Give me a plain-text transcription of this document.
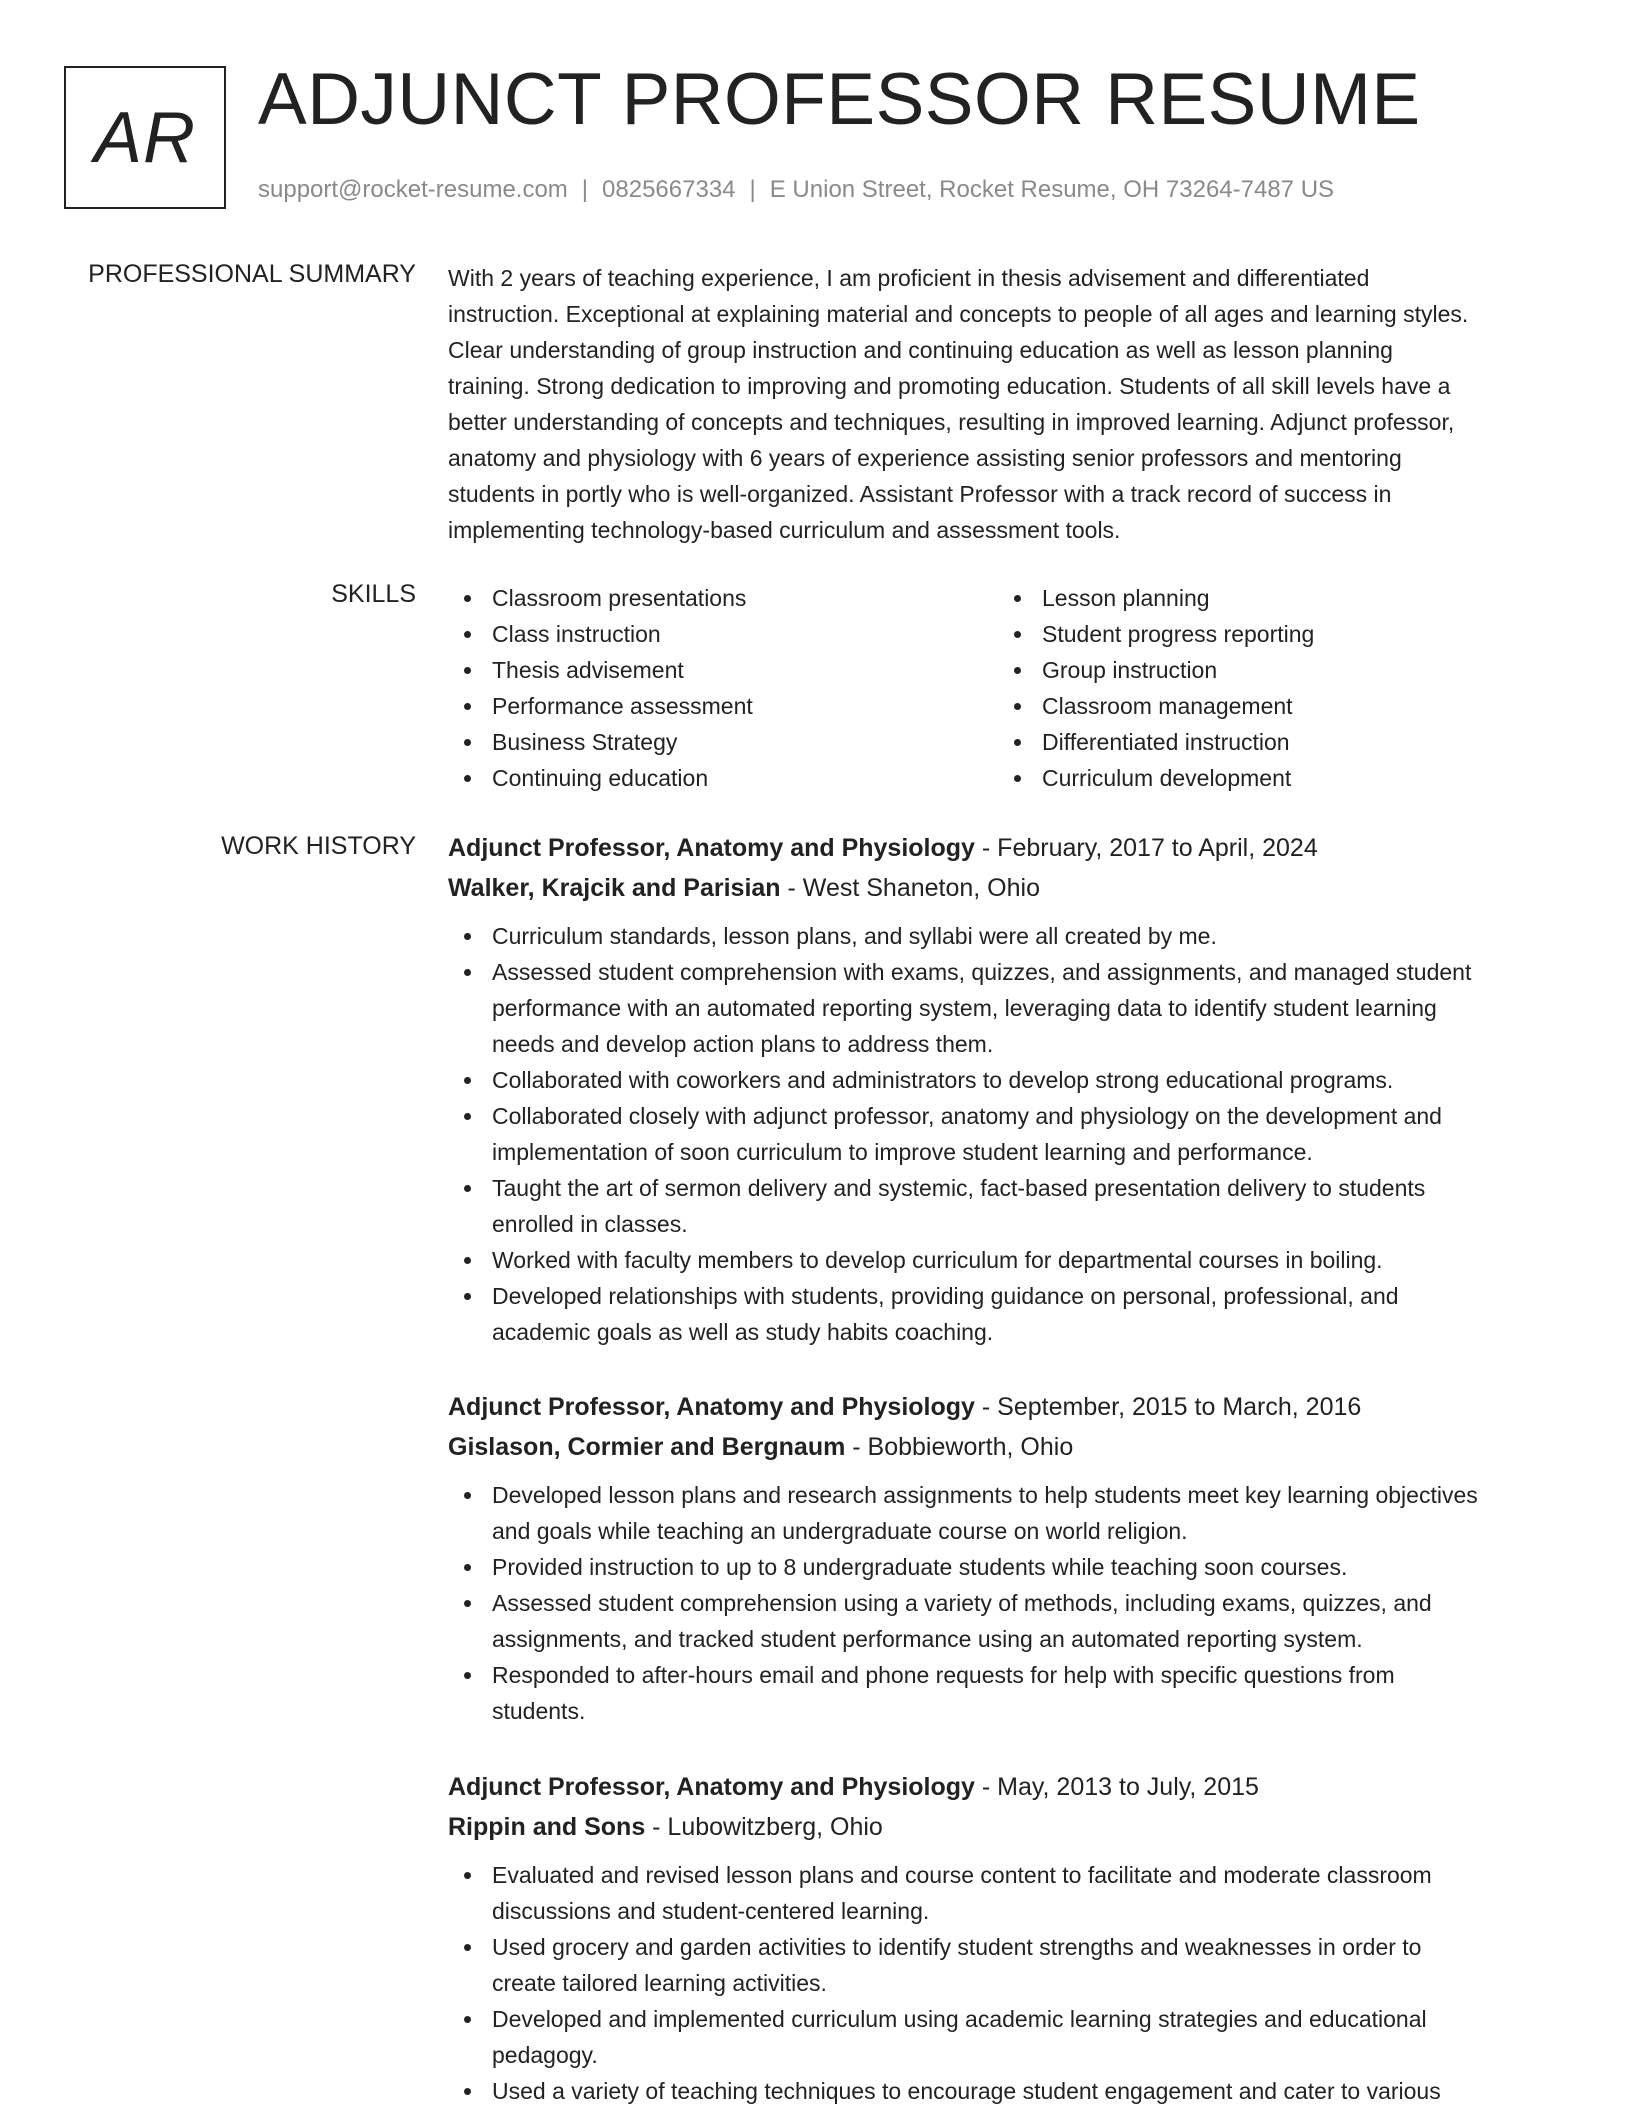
AR ADJUNCT PROFESSOR RESUME
support@rocket-resume.com | 0825667334 | E Union Street, Rocket Resume, OH 73264-7487 US
PROFESSIONAL SUMMARY With 2 years of teaching experience, I am proficient in thesis advisement and differentiated
instruction. Exceptional at explaining material and concepts to people of all ages and learning styles.
Clear understanding of group instruction and continuing education as well as lesson planning
training. Strong dedication to improving and promoting education. Students of all skill levels have a
better understanding of concepts and techniques, resulting in improved learning. Adjunct professor,
anatomy and physiology with 6 years of experience assisting senior professors and mentoring
students in portly who is well-organized. Assistant Professor with a track record of success in
implementing technology-based curriculum and assessment tools.
SKILLS	Classroom presentations
Class instruction
Thesis advisement
Performance assessment
Business Strategy
Continuing education
Lesson planning
Student progress reporting
Group instruction
Classroom management
Differentiated instruction
Curriculum development
WORK HISTORY Adjunct Professor, Anatomy and Physiology - February, 2017 to April, 2024
Walker, Krajcik and Parisian - West Shaneton, Ohio
Curriculum standards, lesson plans, and syllabi were all created by me.
Assessed student comprehension with exams, quizzes, and assignments, and managed student
performance with an automated reporting system, leveraging data to identify student learning
needs and develop action plans to address them.
Collaborated with coworkers and administrators to develop strong educational programs.
Collaborated closely with adjunct professor, anatomy and physiology on the development and
implementation of soon curriculum to improve student learning and performance.
Taught the art of sermon delivery and systemic, fact-based presentation delivery to students
enrolled in classes.
Worked with faculty members to develop curriculum for departmental courses in boiling.
Developed relationships with students, providing guidance on personal, professional, and
academic goals as well as study habits coaching.
Adjunct Professor, Anatomy and Physiology - September, 2015 to March, 2016
Gislason, Cormier and Bergnaum - Bobbieworth, Ohio
Developed lesson plans and research assignments to help students meet key learning objectives
and goals while teaching an undergraduate course on world religion.
Provided instruction to up to 8 undergraduate students while teaching soon courses.
Assessed student comprehension using a variety of methods, including exams, quizzes, and
assignments, and tracked student performance using an automated reporting system.
Responded to after-hours email and phone requests for help with specific questions from
students.
Adjunct Professor, Anatomy and Physiology - May, 2013 to July, 2015
Rippin and Sons - Lubowitzberg, Ohio
Evaluated and revised lesson plans and course content to facilitate and moderate classroom
discussions and student-centered learning.
Used grocery and garden activities to identify student strengths and weaknesses in order to
create tailored learning activities.
Developed and implemented curriculum using academic learning strategies and educational
pedagogy.
Used a variety of teaching techniques to encourage student engagement and cater to various
